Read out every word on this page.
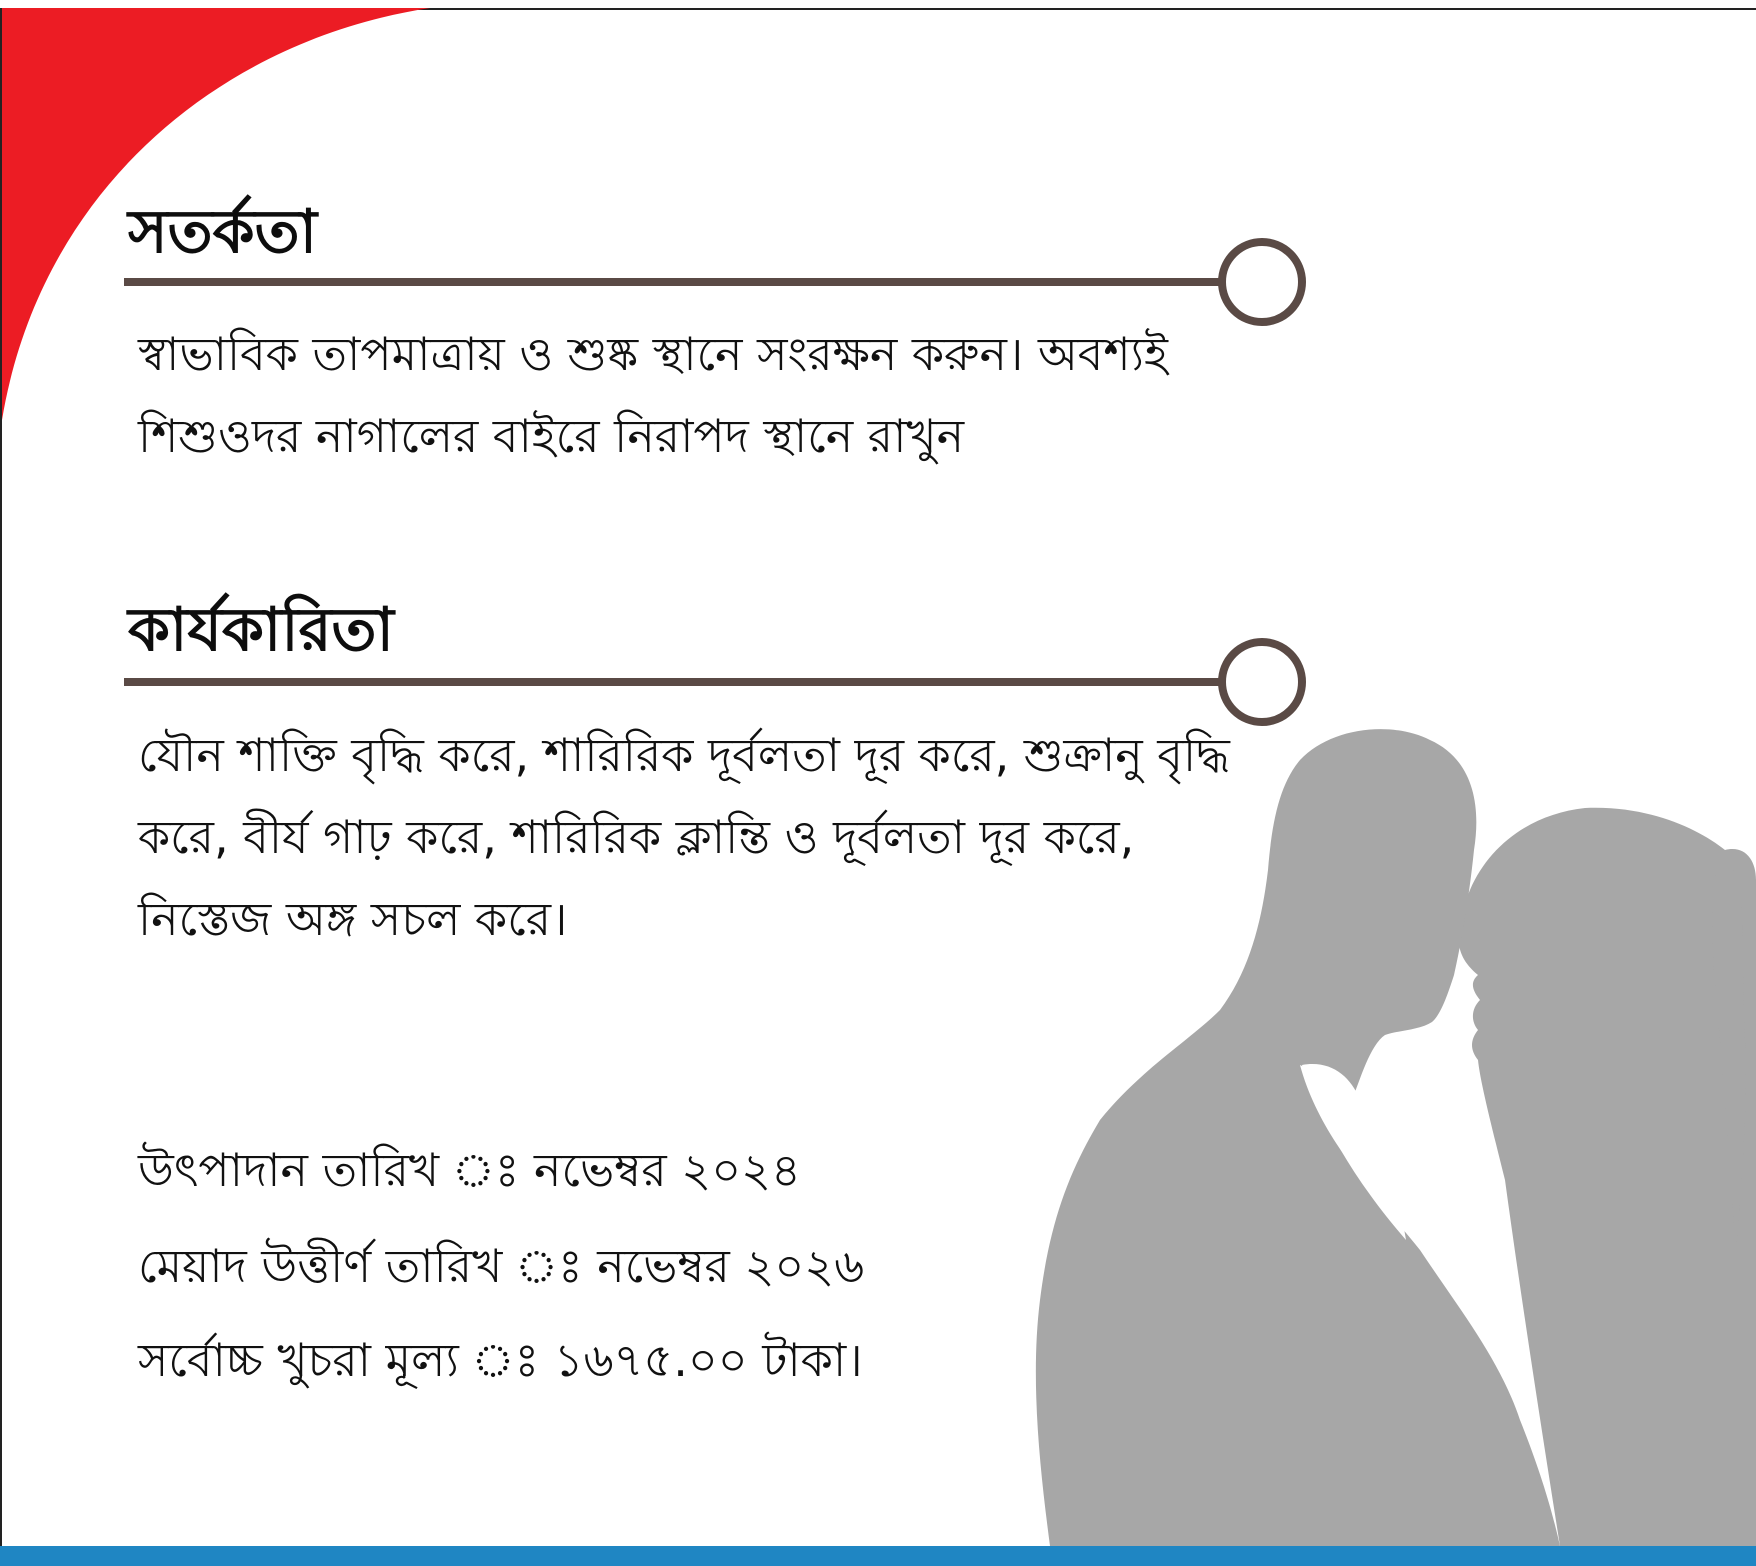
সতর্কতা

স্বাভাবিক তাপমাত্রায় ও শুষ্ক স্থানে সংরক্ষন করুন। অবশ্যই শিশুওদর নাগালের বাইরে নিরাপদ স্থানে রাখুন

কার্যকারিতা

যৌন শাক্তি বৃদ্ধি করে, শারিরিক দূর্বলতা দূর করে, শুক্রানু বৃদ্ধি করে, বীর্য গাঢ় করে, শারিরিক ক্লান্তি ও দূর্বলতা দূর করে, নিস্তেজ অঙ্গ সচল করে।

উৎপাদান তারিখ ঃ নভেম্বর ২০২৪

মেয়াদ উত্তীর্ণ তারিখ ঃ নভেম্বর ২০২৬

সর্বোচ্চ খুচরা মূল্য ঃ ১৬৭৫.০০ টাকা।
